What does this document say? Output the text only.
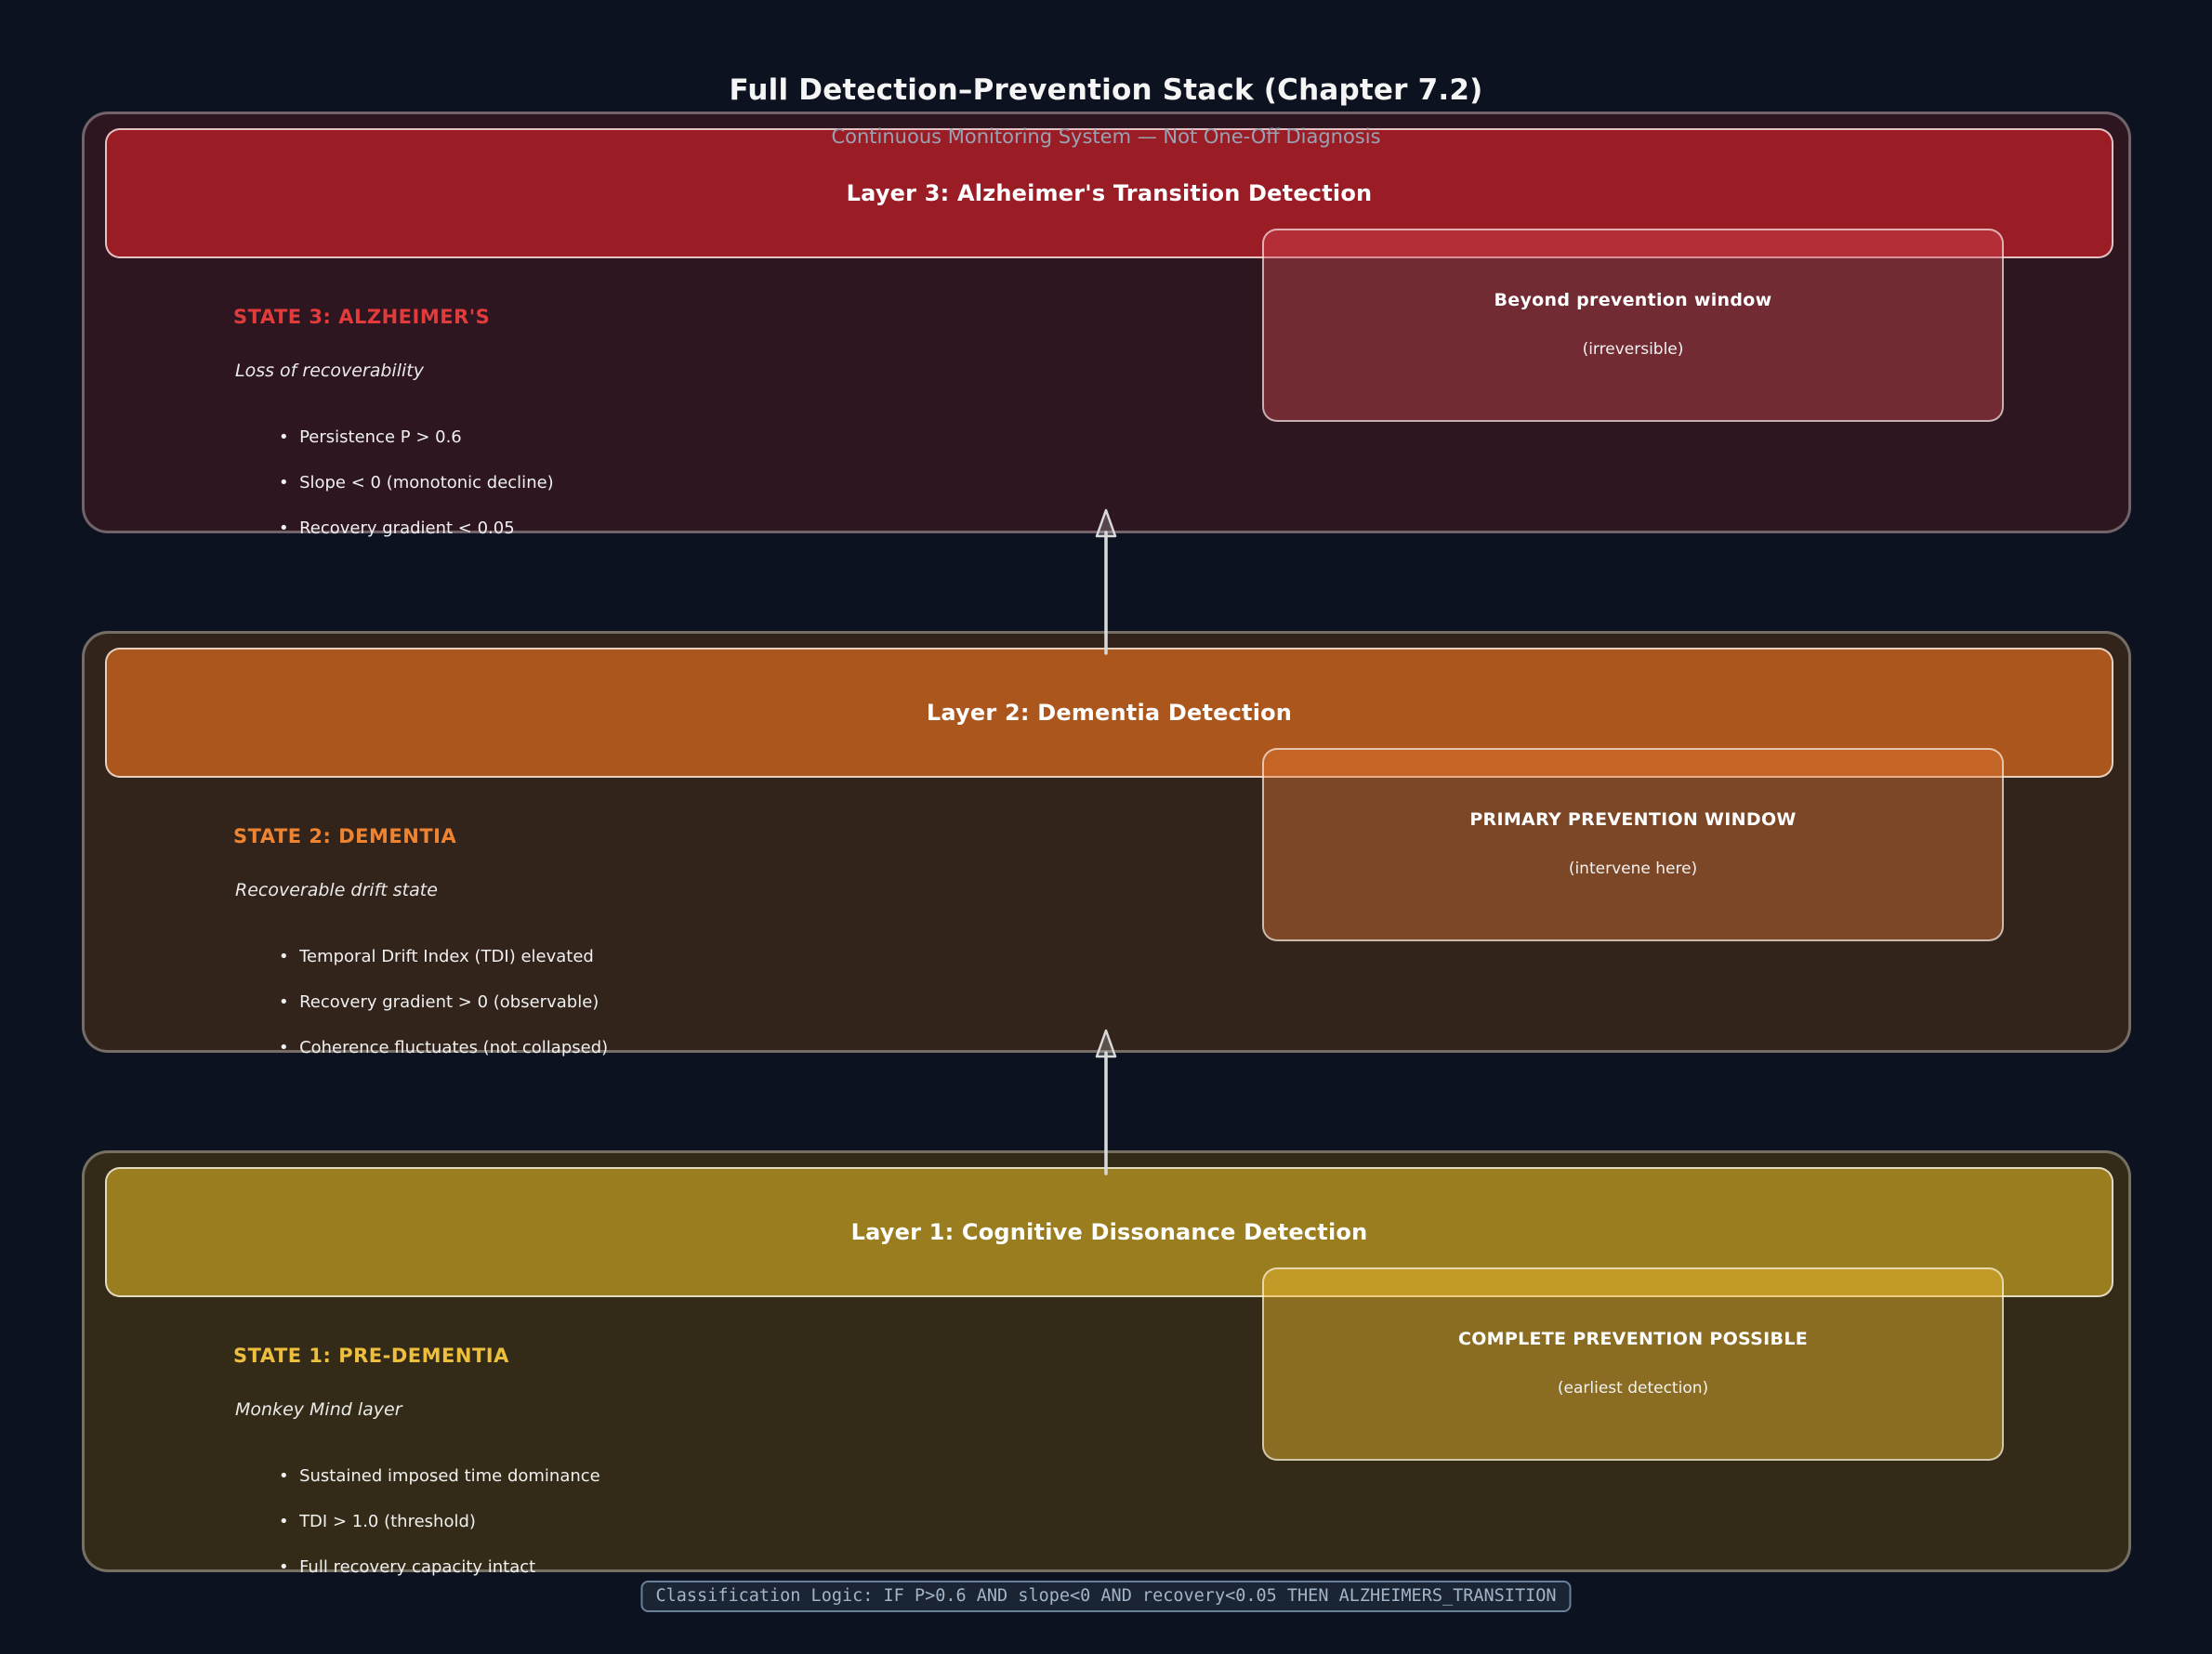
Full Detection–Prevention Stack (Chapter 7.2)
Continuous Monitoring System — Not One-Off Diagnosis
Layer 3: Alzheimer's Transition Detection
STATE 3: ALZHEIMER'S
Loss of recoverability
•  Persistence P > 0.6
•  Slope < 0 (monotonic decline)
•  Recovery gradient < 0.05
Beyond prevention window
(irreversible)
Layer 2: Dementia Detection
STATE 2: DEMENTIA
Recoverable drift state
•  Temporal Drift Index (TDI) elevated
•  Recovery gradient > 0 (observable)
•  Coherence fluctuates (not collapsed)
PRIMARY PREVENTION WINDOW
(intervene here)
Layer 1: Cognitive Dissonance Detection
STATE 1: PRE-DEMENTIA
Monkey Mind layer
•  Sustained imposed time dominance
•  TDI > 1.0 (threshold)
•  Full recovery capacity intact
COMPLETE PREVENTION POSSIBLE
(earliest detection)
Classification Logic: IF P>0.6 AND slope<0 AND recovery<0.05 THEN ALZHEIMERS_TRANSITION
